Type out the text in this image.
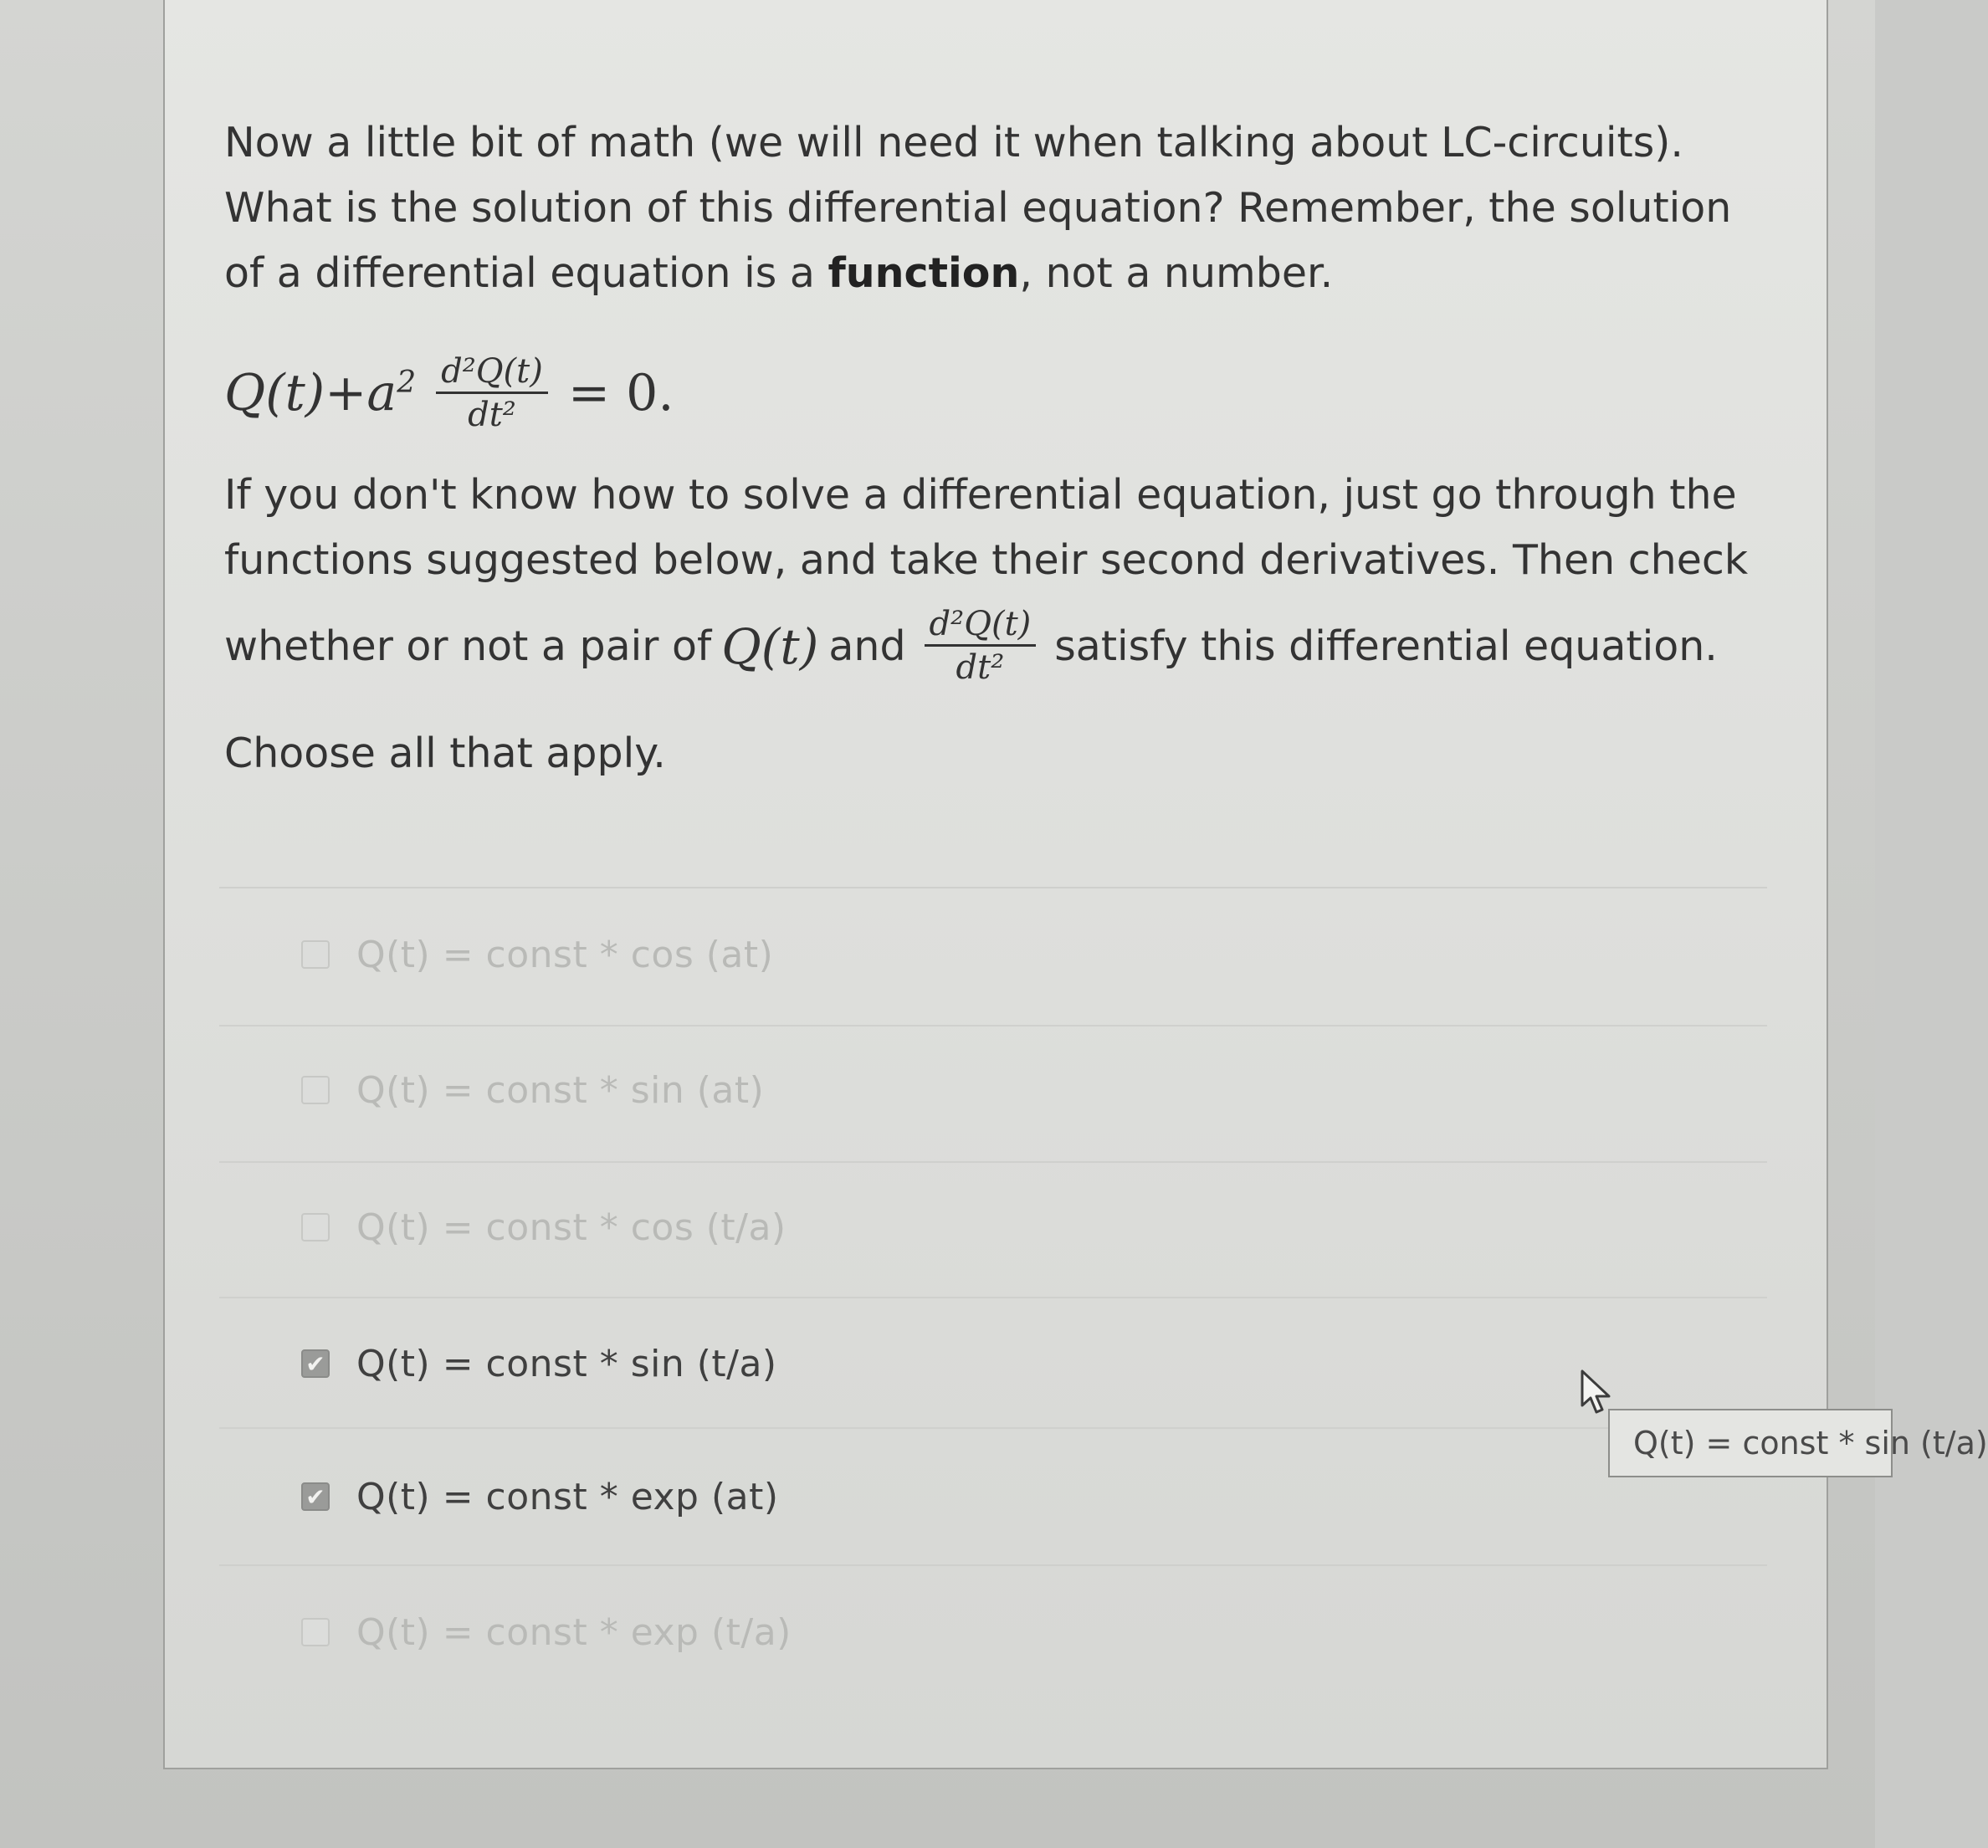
Now a little bit of math (we will need it when talking about LC-circuits). What is the solution of this differential equation? Remember, the solution of a differential equation is a function, not a number.

$Q(t) + a^2 \frac{\text{d²Q(t)}}{\text{dt²}} = 0$.

If you don't know how to solve a differential equation, just go through the functions suggested below, and take their second derivatives. Then check

whether or not a pair of Q(t) and $\frac{\text{d²Q(t)}}{\text{dt²}}$ satisfy this differential equation.

Choose all that apply.

Q(t) = const * cos (at)
Q(t) = const * sin (at)
Q(t) = const * cos (t/a)
✔ Q(t) = const * sin (t/a)
✔ Q(t) = const * exp (at)
Q(t) = const * exp (t/a)
Q(t) = const * sin (t/a)
